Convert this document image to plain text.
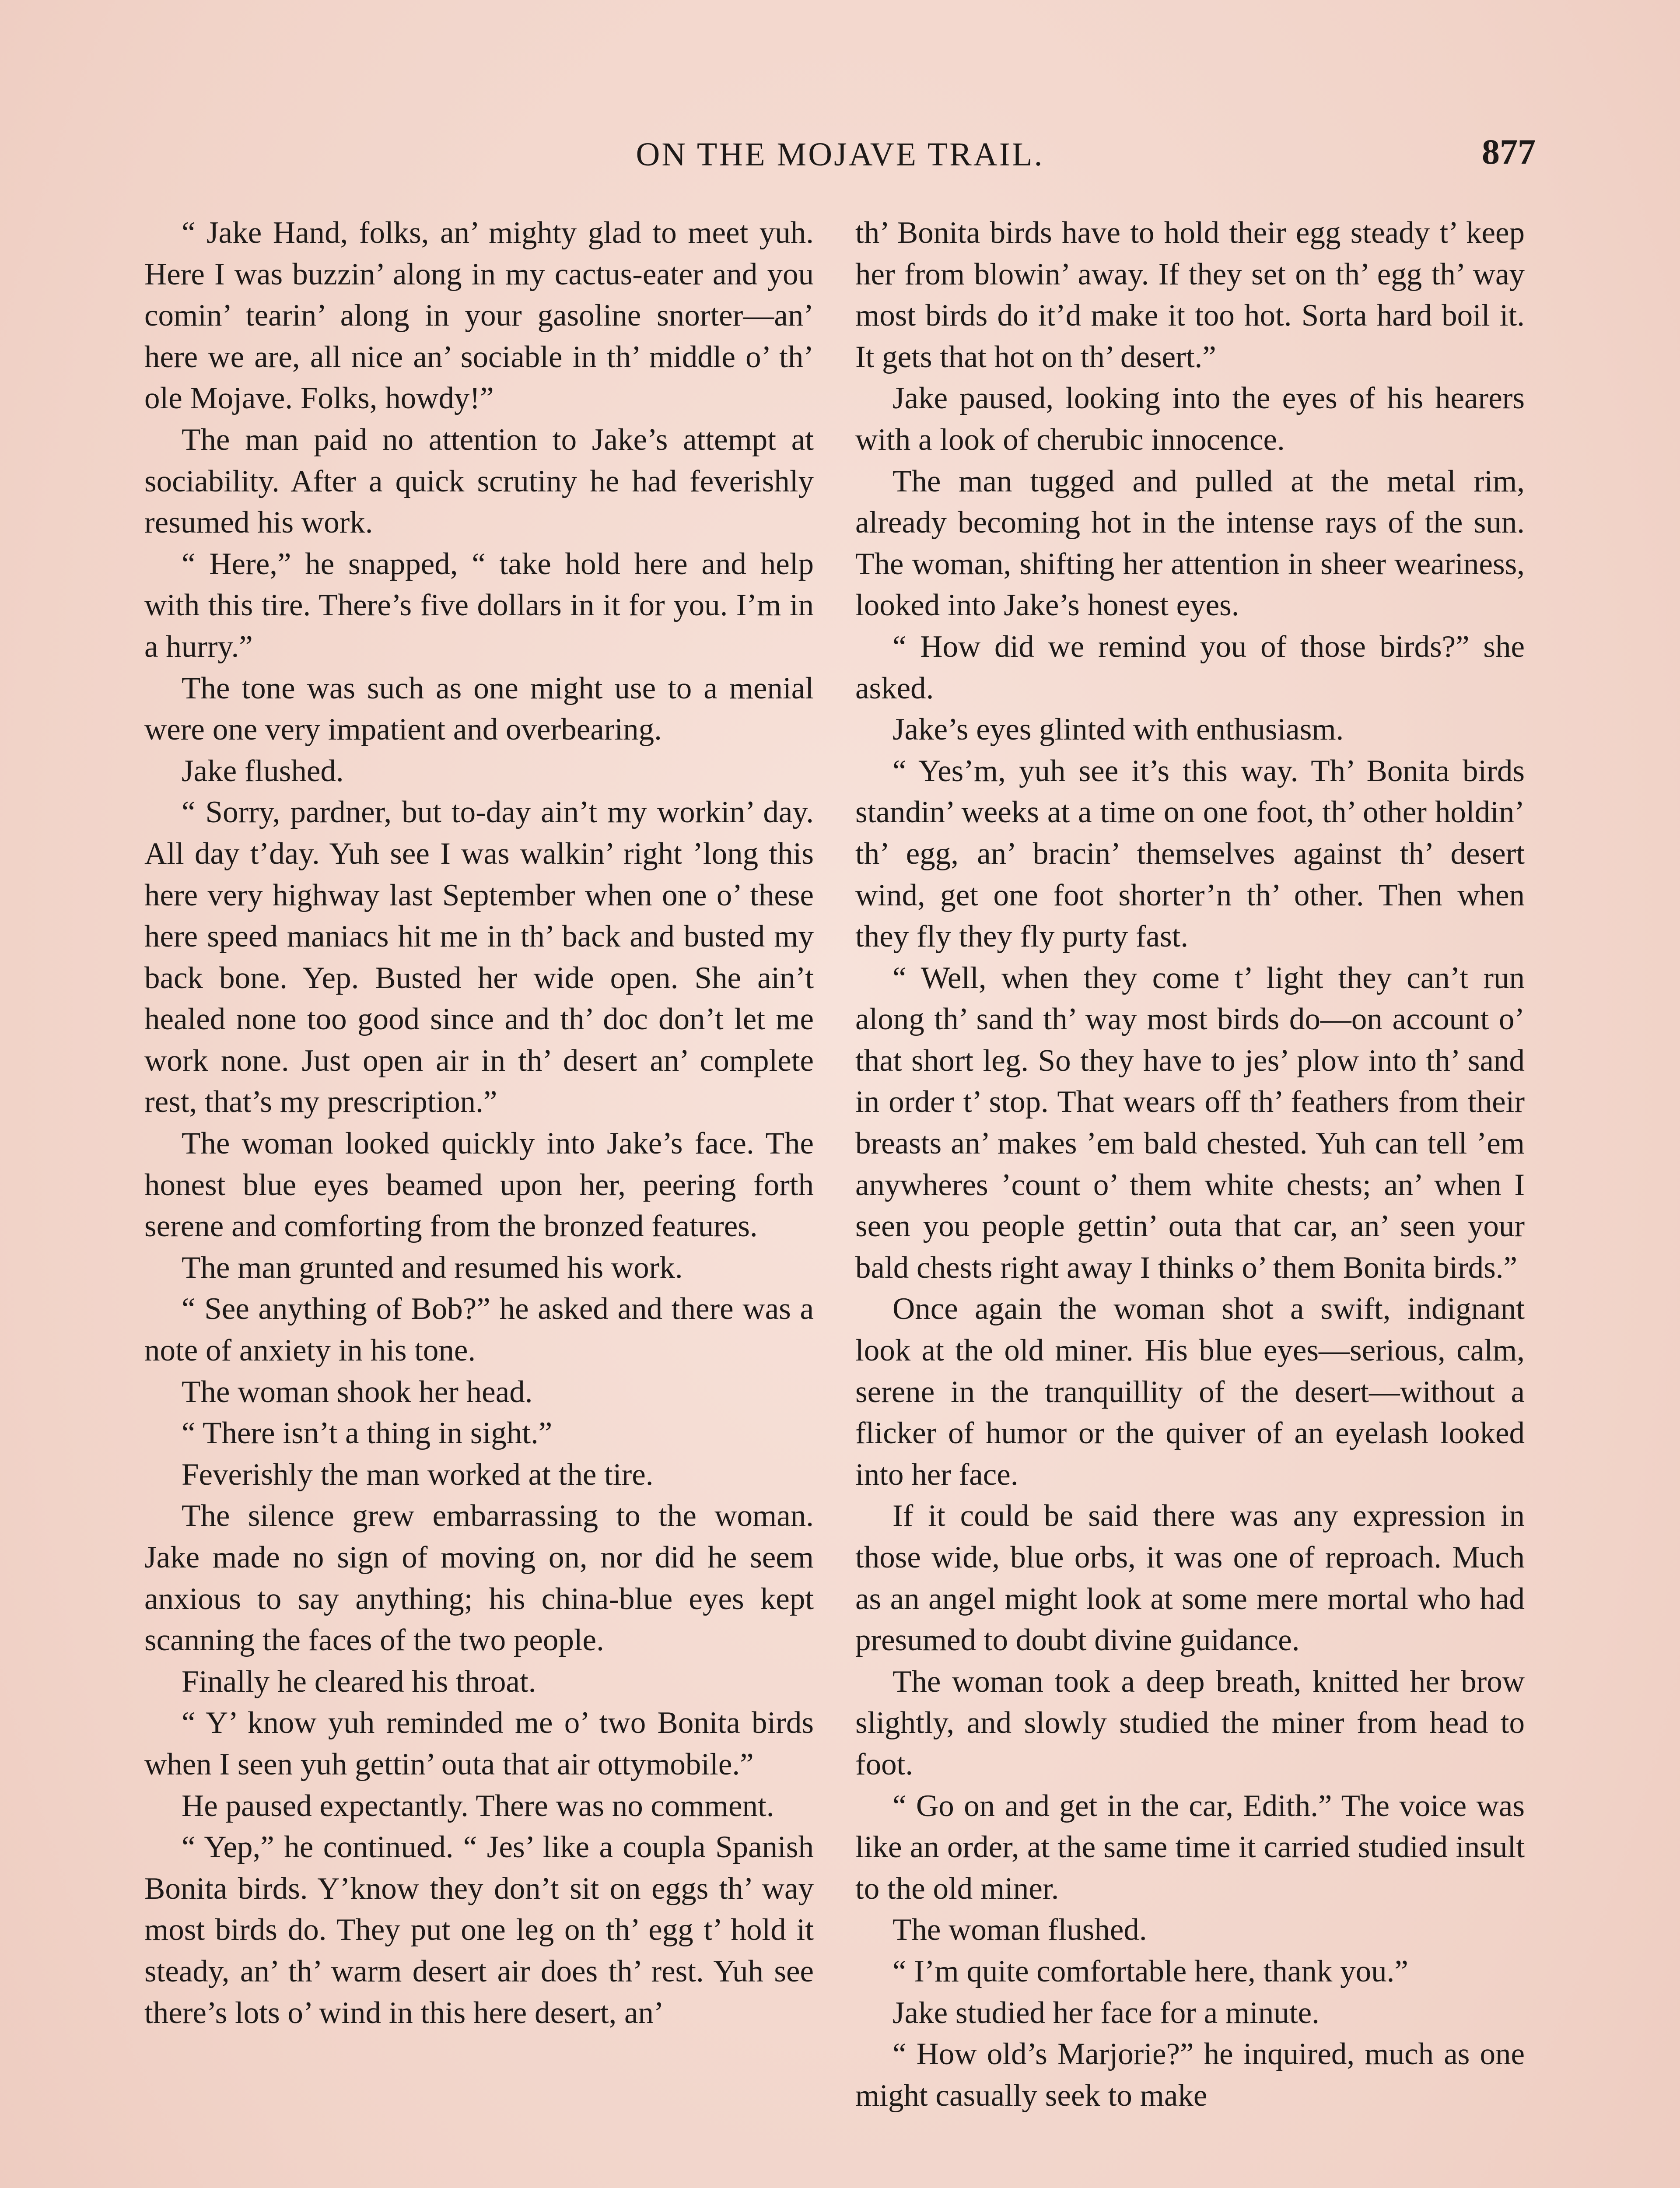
ON THE MOJAVE TRAIL.	877

“ Jake Hand, folks, an’ mighty glad to meet yuh. Here I was buzzin’ along in my cactus-eater and you comin’ tearin’ along in your gasoline snorter—an’ here we are, all nice an’ sociable in th’ middle o’ th’ ole Mojave. Folks, howdy!”

The man paid no attention to Jake’s attempt at sociability. After a quick scrutiny he had feverishly resumed his work.

“ Here,” he snapped, “ take hold here and help with this tire. There’s five dollars in it for you. I’m in a hurry.”

The tone was such as one might use to a menial were one very impatient and overbearing.

Jake flushed.

“ Sorry, pardner, but to-day ain’t my workin’ day. All day t’day. Yuh see I was walkin’ right ’long this here very highway last September when one o’ these here speed maniacs hit me in th’ back and busted my back bone. Yep. Busted her wide open. She ain’t healed none too good since and th’ doc don’t let me work none. Just open air in th’ desert an’ complete rest, that’s my prescription.”

The woman looked quickly into Jake’s face. The honest blue eyes beamed upon her, peering forth serene and comforting from the bronzed features.

The man grunted and resumed his work.

“ See anything of Bob?” he asked and there was a note of anxiety in his tone.

The woman shook her head.

“ There isn’t a thing in sight.”

Feverishly the man worked at the tire.

The silence grew embarrassing to the woman. Jake made no sign of moving on, nor did he seem anxious to say anything; his china-blue eyes kept scanning the faces of the two people.

Finally he cleared his throat.

“ Y’ know yuh reminded me o’ two Bonita birds when I seen yuh gettin’ outa that air ottymobile.”

He paused expectantly. There was no comment.

“ Yep,” he continued. “ Jes’ like a coupla Spanish Bonita birds. Y’know they don’t sit on eggs th’ way most birds do. They put one leg on th’ egg t’ hold it steady, an’ th’ warm desert air does th’ rest. Yuh see there’s lots o’ wind in this here desert, an’

th’ Bonita birds have to hold their egg steady t’ keep her from blowin’ away. If they set on th’ egg th’ way most birds do it’d make it too hot. Sorta hard boil it. It gets that hot on th’ desert.”

Jake paused, looking into the eyes of his hearers with a look of cherubic innocence.

The man tugged and pulled at the metal rim, already becoming hot in the intense rays of the sun. The woman, shifting her attention in sheer weariness, looked into Jake’s honest eyes.

“ How did we remind you of those birds?” she asked.

Jake’s eyes glinted with enthusiasm.

“ Yes’m, yuh see it’s this way. Th’ Bonita birds standin’ weeks at a time on one foot, th’ other holdin’ th’ egg, an’ bracin’ themselves against th’ desert wind, get one foot shorter’n th’ other. Then when they fly they fly purty fast.

“ Well, when they come t’ light they can’t run along th’ sand th’ way most birds do—on account o’ that short leg. So they have to jes’ plow into th’ sand in order t’ stop. That wears off th’ feathers from their breasts an’ makes ’em bald chested. Yuh can tell ’em anywheres ’count o’ them white chests; an’ when I seen you people gettin’ outa that car, an’ seen your bald chests right away I thinks o’ them Bonita birds.”

Once again the woman shot a swift, indignant look at the old miner. His blue eyes—serious, calm, serene in the tranquillity of the desert—without a flicker of humor or the quiver of an eyelash looked into her face.

If it could be said there was any expression in those wide, blue orbs, it was one of reproach. Much as an angel might look at some mere mortal who had presumed to doubt divine guidance.

The woman took a deep breath, knitted her brow slightly, and slowly studied the miner from head to foot.

“ Go on and get in the car, Edith.” The voice was like an order, at the same time it carried studied insult to the old miner.

The woman flushed.

“ I’m quite comfortable here, thank you.”

Jake studied her face for a minute.

“ How old’s Marjorie?” he inquired, much as one might casually seek to make
